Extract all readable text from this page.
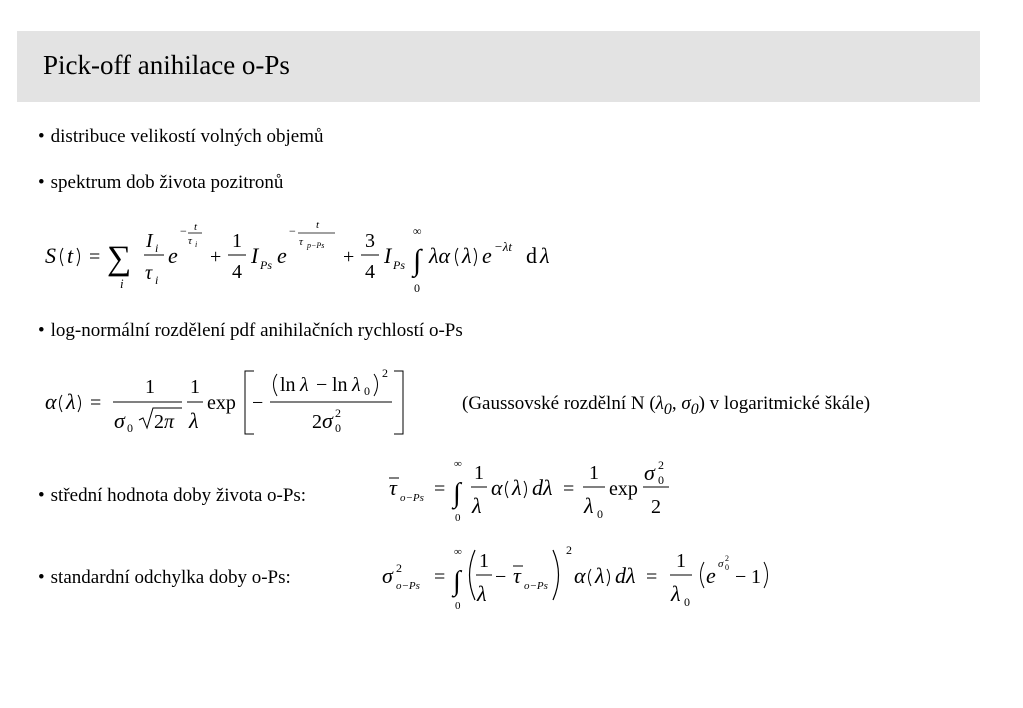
Pick-off anihilace o-Ps
• distribuce velikostí volných objemů
• spektrum dob života pozitronů
S t = ∑
i
I i
τ i
e
− t
τ i
+
1
4
I Ps e
− t
τ p−Ps
+
3
4
I Ps
∞
∫
0
λα λ e −λt d λ
• log-normální rozdělení pdf anihilačních rychlostí o-Ps
α λ =
1
σ 0 2 π
1
λ
exp −
ln λ − ln λ 0
2
2 σ 0
2	(Gaussovské rozdělní N ($\lambda_0$, $\sigma_0$) v logaritmické škále)
• střední hodnota doby života o-Ps:	τ o−Ps =
∞
∫
0
1
λ
α λ dλ =
1
λ 0
exp
σ 0
2
2
• standardní odchylka doby o-Ps:	σ 2
o−Ps =
∞
∫
0
1
λ
− τ o−Ps
2
α λ dλ =
1
λ 0
e σ 0
2
− 1
